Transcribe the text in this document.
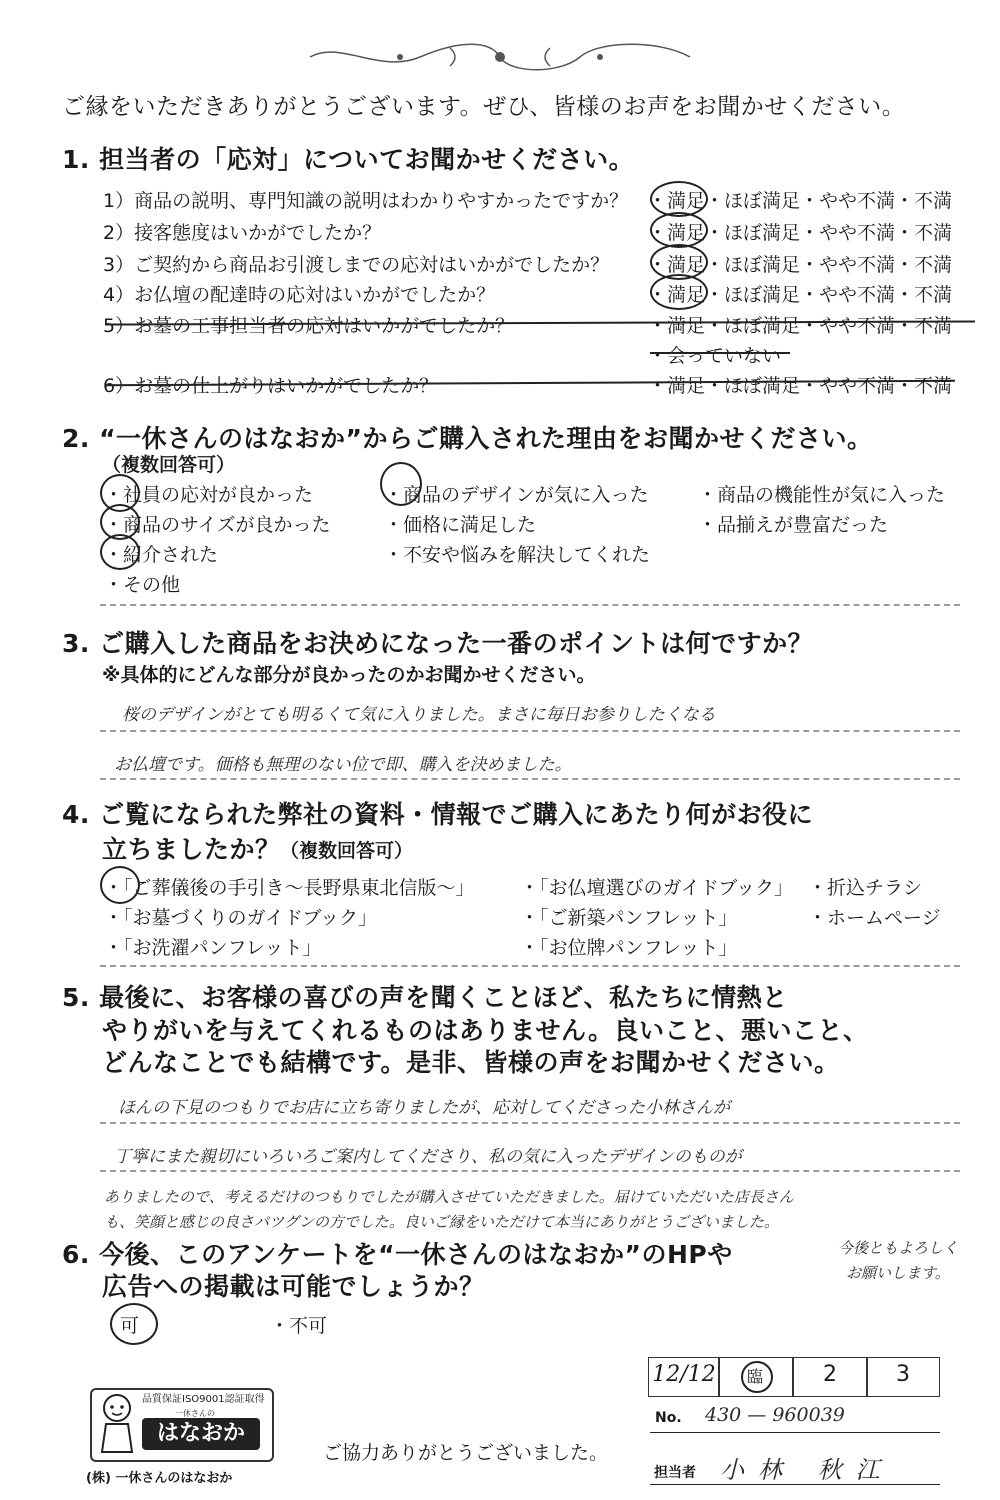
ご縁をいただきありがとうございます。ぜひ、皆様のお声をお聞かせください。
1. 担当者の「応対」についてお聞かせください。
1）商品の説明、専門知識の説明はわかりやすかったですか？ ・満足・ほぼ満足・やや不満・不満
2）接客態度はいかがでしたか？	・満足・ほぼ満足・やや不満・不満
3）ご契約から商品お引渡しまでの応対はいかがでしたか？ ・満足・ほぼ満足・やや不満・不満
4）お仏壇の配達時の応対はいかがでしたか？	・満足・ほぼ満足・やや不満・不満
5）お墓の工事担当者の応対はいかがでしたか？	・満足・ほぼ満足・やや不満・不満
・会っていない
6）お墓の仕上がりはいかがでしたか？	・満足・ほぼ満足・やや不満・不満
2. “一休さんのはなおか”からご購入された理由をお聞かせください。
（複数回答可）
・社員の応対が良かった	・商品のデザインが気に入った	・商品の機能性が気に入った
・商品のサイズが良かった	・価格に満足した	・品揃えが豊富だった
・紹介された	・不安や悩みを解決してくれた
・その他
3. ご購入した商品をお決めになった一番のポイントは何ですか？
※具体的にどんな部分が良かったのかお聞かせください。
桜のデザインがとても明るくて気に入りました。まさに毎日お参りしたくなる
お仏壇です。価格も無理のない位で即、購入を決めました。
4. ご覧になられた弊社の資料・情報でご購入にあたり何がお役に
立ちましたか？ （複数回答可）
・「ご葬儀後の手引き～長野県東北信版～」 ・「お仏壇選びのガイドブック」 ・折込チラシ
・「お墓づくりのガイドブック」	・「ご新築パンフレット」	・ホームページ
・「お洗濯パンフレット」	・「お位牌パンフレット」
5. 最後に、お客様の喜びの声を聞くことほど、私たちに情熱と
やりがいを与えてくれるものはありません。良いこと、悪いこと、
どんなことでも結構です。是非、皆様の声をお聞かせください。
ほんの下見のつもりでお店に立ち寄りましたが、応対してくださった小林さんが
丁寧にまた親切にいろいろご案内してくださり、私の気に入ったデザインのものが
ありましたので、考えるだけのつもりでしたが購入させていただきました。届けていただいた店長さん
も、笑顔と感じの良さバツグンの方でした。良いご縁をいただけて本当にありがとうございました。
6. 今後、このアンケートを“一休さんのはなおか”のHPや
広告への掲載は可能でしょうか？
今後ともよろしく
お願いします。
可	・不可
12/12	臨	2	3
No. 430 — 960039
担当者 小林 秋江
品質保証ISO9001認証取得
一休さんの
はなおか
(株) 一休さんのはなおか
ご協力ありがとうございました。
